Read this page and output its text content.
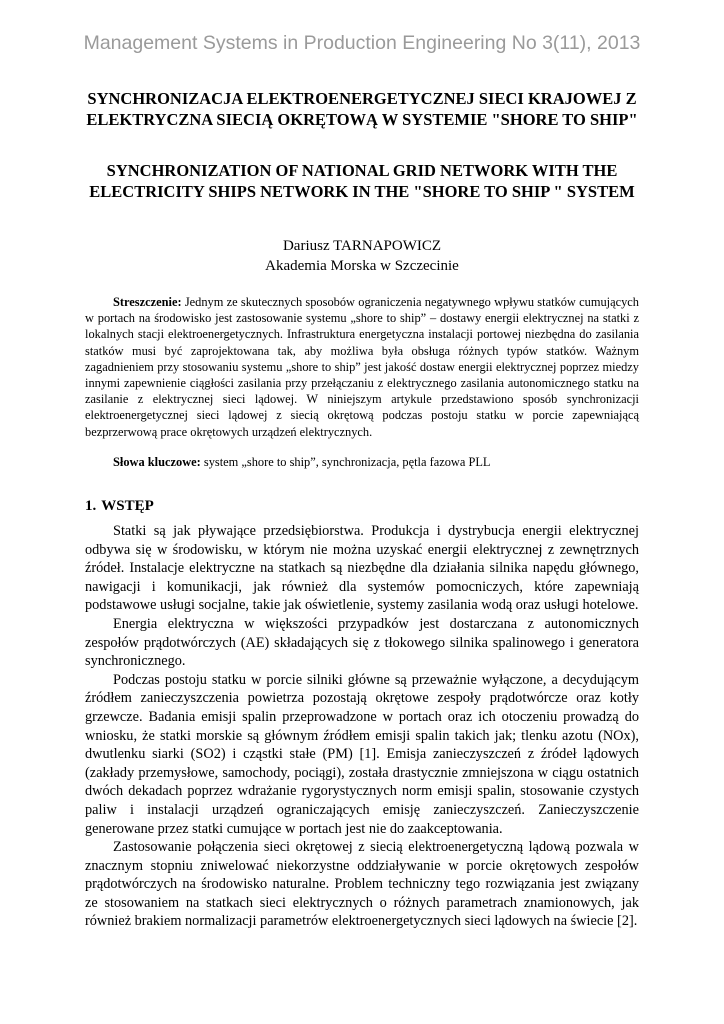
Management Systems in Production Engineering No 3(11), 2013
SYNCHRONIZACJA ELEKTROENERGETYCZNEJ SIECI KRAJOWEJ Z ELEKTRYCZNA SIECIĄ OKRĘTOWĄ W SYSTEMIE "SHORE TO SHIP"
SYNCHRONIZATION OF NATIONAL GRID NETWORK WITH THE ELECTRICITY SHIPS NETWORK IN THE "SHORE TO SHIP " SYSTEM
Dariusz TARNAPOWICZ
Akademia Morska w Szczecinie

Streszczenie: Jednym ze skutecznych sposobów ograniczenia negatywnego wpływu statków cumujących w portach na środowisko jest zastosowanie systemu „shore to ship” – dostawy energii elektrycznej na statki z lokalnych stacji elektroenergetycznych. Infrastruktura energetyczna instalacji portowej niezbędna do zasilania statków musi być zaprojektowana tak, aby możliwa była obsługa różnych typów statków. Ważnym zagadnieniem przy stosowaniu systemu „shore to ship” jest jakość dostaw energii elektrycznej poprzez miedzy innymi zapewnienie ciągłości zasilania przy przełączaniu z elektrycznego zasilania autonomicznego statku na zasilanie z elektrycznej sieci lądowej. W niniejszym artykule przedstawiono sposób synchronizacji elektroenergetycznej sieci lądowej z siecią okrętową podczas postoju statku w porcie zapewniającą bezprzerwową prace okrętowych urządzeń elektrycznych.

Słowa kluczowe: system „shore to ship”, synchronizacja, pętla fazowa PLL

1. WSTĘP

Statki są jak pływające przedsiębiorstwa. Produkcja i dystrybucja energii elektrycznej odbywa się w środowisku, w którym nie można uzyskać energii elektrycznej z zewnętrznych źródeł. Instalacje elektryczne na statkach są niezbędne dla działania silnika napędu głównego, nawigacji i komunikacji, jak również dla systemów pomocniczych, które zapewniają podstawowe usługi socjalne, takie jak oświetlenie, systemy zasilania wodą oraz usługi hotelowe.

Energia elektryczna w większości przypadków jest dostarczana z autonomicznych zespołów prądotwórczych (AE) składających się z tłokowego silnika spalinowego i generatora synchronicznego.

Podczas postoju statku w porcie silniki główne są przeważnie wyłączone, a decydującym źródłem zanieczyszczenia powietrza pozostają okrętowe zespoły prądotwórcze oraz kotły grzewcze. Badania emisji spalin przeprowadzone w portach oraz ich otoczeniu prowadzą do wniosku, że statki morskie są głównym źródłem emisji spalin takich jak; tlenku azotu (NOx), dwutlenku siarki (SO2) i cząstki stałe (PM) [1]. Emisja zanieczyszczeń z źródeł lądowych (zakłady przemysłowe, samochody, pociągi), została drastycznie zmniejszona w ciągu ostatnich dwóch dekadach poprzez wdrażanie rygorystycznych norm emisji spalin, stosowanie czystych paliw i instalacji urządzeń ograniczających emisję zanieczyszczeń. Zanieczyszczenie generowane przez statki cumujące w portach jest nie do zaakceptowania.

Zastosowanie połączenia sieci okrętowej z siecią elektroenergetyczną lądową pozwala w znacznym stopniu zniwelować niekorzystne oddziaływanie w porcie okrętowych zespołów prądotwórczych na środowisko naturalne. Problem techniczny tego rozwiązania jest związany ze stosowaniem na statkach sieci elektrycznych o różnych parametrach znamionowych, jak również brakiem normalizacji parametrów elektroenergetycznych sieci lądowych na świecie [2].
